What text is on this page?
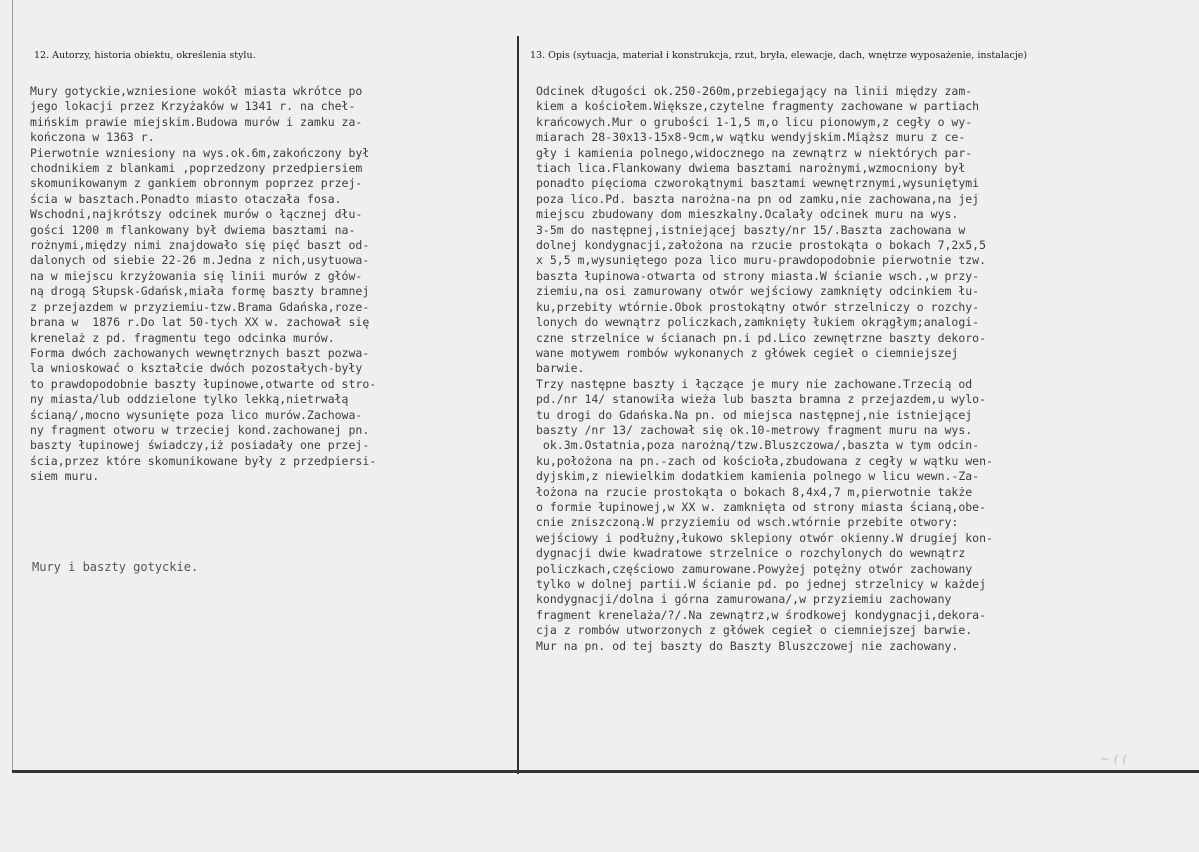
12. Autorzy, historia obiektu, określenia stylu.	13. Opis (sytuacja, materiał i konstrukcja, rzut, bryła, elewacje, dach, wnętrze wyposażenie, instalacje)
Mury gotyckie,wzniesione wokół miasta wkrótce po
jego lokacji przez Krzyżaków w 1341 r. na cheł-
mińskim prawie miejskim.Budowa murów i zamku za-
kończona w 1363 r.
Pierwotnie wzniesiony na wys.ok.6m,zakończony był
chodnikiem z blankami ,poprzedzony przedpiersiem
skomunikowanym z gankiem obronnym poprzez przej-
ścia w basztach.Ponadto miasto otaczała fosa.
Wschodni,najkrótszy odcinek murów o łącznej dłu-
gości 1200 m flankowany był dwiema basztami na-
rożnymi,między nimi znajdowało się pięć baszt od-
dalonych od siebie 22-26 m.Jedna z nich,usytuowa-
na w miejscu krzyżowania się linii murów z głów-
ną drogą Słupsk-Gdańsk,miała formę baszty bramnej
z przejazdem w przyziemiu-tzw.Brama Gdańska,roze-
brana w  1876 r.Do lat 50-tych XX w. zachował się
krenelaż z pd. fragmentu tego odcinka murów.
Forma dwóch zachowanych wewnętrznych baszt pozwa-
la wnioskować o kształcie dwóch pozostałych-były
to prawdopodobnie baszty łupinowe,otwarte od stro-
ny miasta/lub oddzielone tylko lekką,nietrwałą
ścianą/,mocno wysunięte poza lico murów.Zachowa-
ny fragment otworu w trzeciej kond.zachowanej pn.
baszty łupinowej świadczy,iż posiadały one przej-
ścia,przez które skomunikowane były z przedpiersi-
siem muru.
Mury i baszty gotyckie.
Odcinek długości ok.250-260m,przebiegający na linii między zam-
kiem a kościołem.Większe,czytelne fragmenty zachowane w partiach
krańcowych.Mur o grubości 1-1,5 m,o licu pionowym,z cegły o wy-
miarach 28-30x13-15x8-9cm,w wątku wendyjskim.Miąższ muru z ce-
gły i kamienia polnego,widocznego na zewnątrz w niektórych par-
tiach lica.Flankowany dwiema basztami narożnymi,wzmocniony był
ponadto pięcioma czworokątnymi basztami wewnętrznymi,wysuniętymi
poza lico.Pd. baszta narożna-na pn od zamku,nie zachowana,na jej
miejscu zbudowany dom mieszkalny.Ocalały odcinek muru na wys.
3-5m do następnej,istniejącej baszty/nr 15/.Baszta zachowana w
dolnej kondygnacji,założona na rzucie prostokąta o bokach 7,2x5,5
x 5,5 m,wysuniętego poza lico muru-prawdopodobnie pierwotnie tzw.
baszta łupinowa-otwarta od strony miasta.W ścianie wsch.,w przy-
ziemiu,na osi zamurowany otwór wejściowy zamknięty odcinkiem łu-
ku,przebity wtórnie.Obok prostokątny otwór strzelniczy o rozchy-
lonych do wewnątrz policzkach,zamknięty łukiem okrągłym;analogi-
czne strzelnice w ścianach pn.i pd.Lico zewnętrzne baszty dekoro-
wane motywem rombów wykonanych z główek cegieł o ciemniejszej
barwie.
Trzy następne baszty i łączące je mury nie zachowane.Trzecią od
pd./nr 14/ stanowiła wieża lub baszta bramna z przejazdem,u wylo-
tu drogi do Gdańska.Na pn. od miejsca następnej,nie istniejącej
baszty /nr 13/ zachował się ok.10-metrowy fragment muru na wys.
ok.3m.Ostatnia,poza narożną/tzw.Bluszczowa/,baszta w tym odcin-
ku,położona na pn.-zach od kościoła,zbudowana z cegły w wątku wen-
dyjskim,z niewielkim dodatkiem kamienia polnego w licu wewn.-Za-
łożona na rzucie prostokąta o bokach 8,4x4,7 m,pierwotnie także
o formie łupinowej,w XX w. zamknięta od strony miasta ścianą,obe-
cnie zniszczoną.W przyziemiu od wsch.wtórnie przebite otwory:
wejściowy i podłużny,łukowo sklepiony otwór okienny.W drugiej kon-
dygnacji dwie kwadratowe strzelnice o rozchylonych do wewnątrz
policzkach,częściowo zamurowane.Powyżej potężny otwór zachowany
tylko w dolnej partii.W ścianie pd. po jednej strzelnicy w każdej
kondygnacji/dolna i górna zamurowana/,w przyziemiu zachowany
fragment krenelaża/?/.Na zewnątrz,w środkowej kondygnacji,dekora-
cja z rombów utworzonych z główek cegieł o ciemniejszej barwie.
Mur na pn. od tej baszty do Baszty Bluszczowej nie zachowany.
~ ( (
